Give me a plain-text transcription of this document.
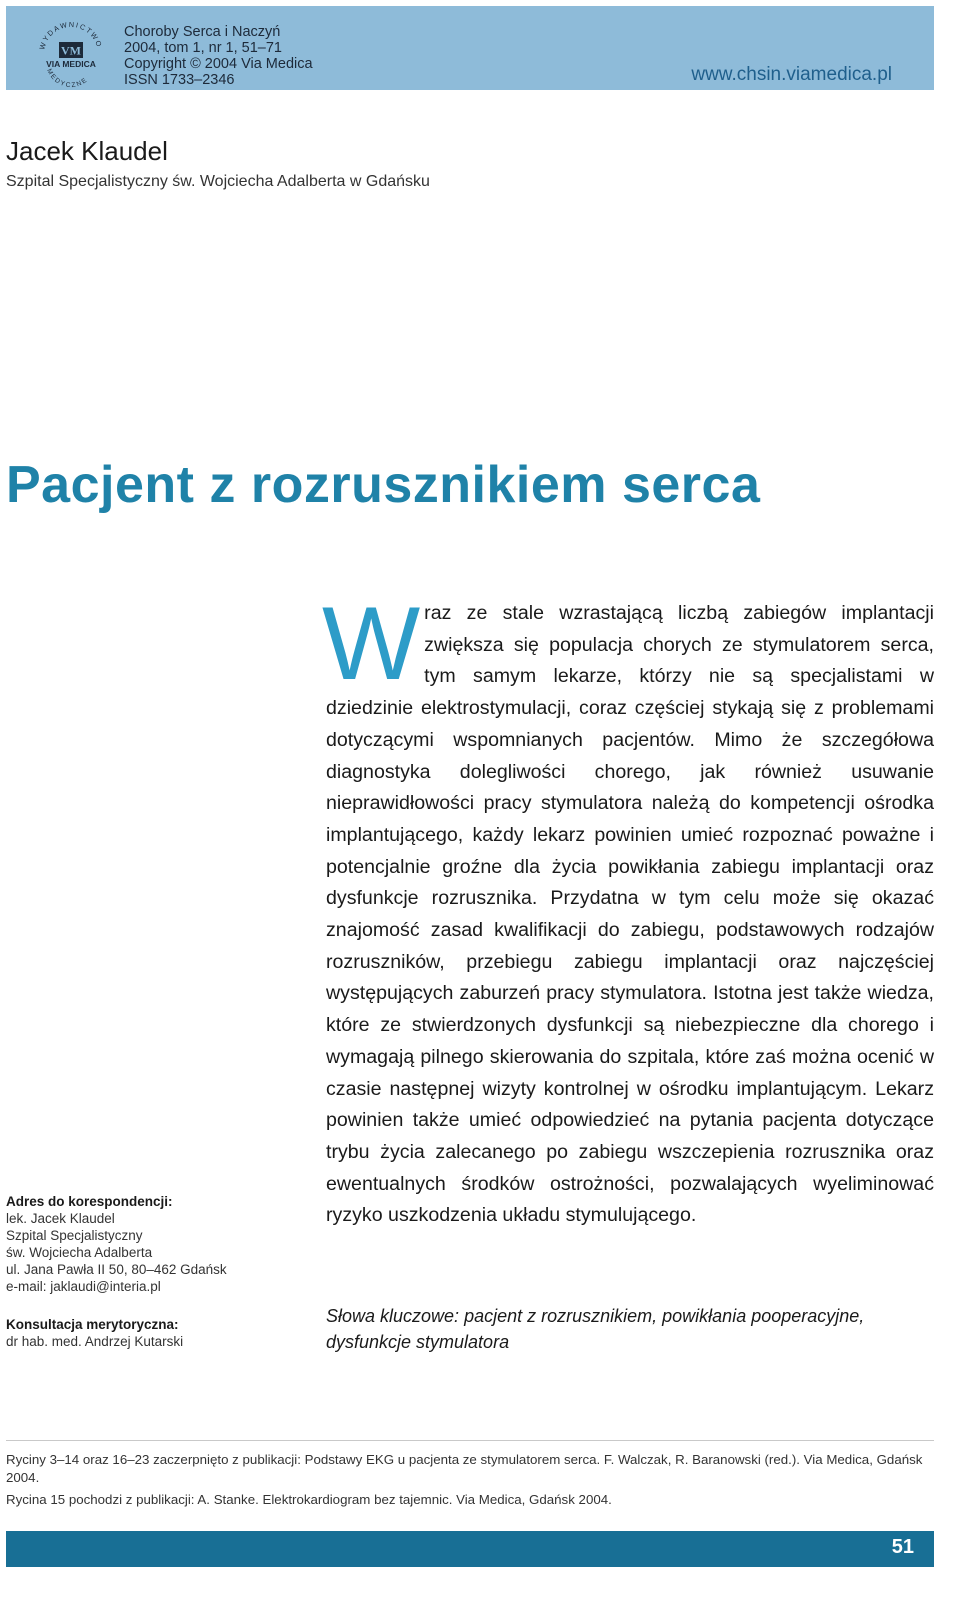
WYDAWNICTWO
MEDYCZNE
VM
VIA MEDICA
Choroby Serca i Naczyń
2004, tom 1, nr 1, 51–71
Copyright © 2004 Via Medica
ISSN 1733–2346	www.chsin.viamedica.pl
Jacek Klaudel
Szpital Specjalistyczny św. Wojciecha Adalberta w Gdańsku
Pacjent z rozrusznikiem serca
Adres do korespondencji:
lek. Jacek Klaudel
Szpital Specjalistyczny
św. Wojciecha Adalberta
ul. Jana Pawła II 50, 80–462 Gdańsk
e-mail: jaklaudi@interia.pl
Konsultacja merytoryczna:
dr hab. med. Andrzej Kutarski
Wraz ze stale wzrastającą liczbą zabiegów implantacji zwiększa się populacja chorych ze stymulatorem serca, tym samym lekarze, którzy nie są specjalistami w dziedzinie elektrostymulacji, coraz częściej stykają się z problemami dotyczącymi wspomnianych pacjentów. Mimo że szczegółowa diagnostyka dolegliwości chorego, jak również usuwanie nieprawidłowości pracy stymulatora należą do kompetencji ośrodka implantującego, każdy lekarz powinien umieć rozpoznać poważne i potencjalnie groźne dla życia powikłania zabiegu implantacji oraz dysfunkcje rozrusznika. Przydatna w tym celu może się okazać znajomość zasad kwalifikacji do zabiegu, podstawowych rodzajów rozruszników, przebiegu zabiegu implantacji oraz najczęściej występujących zaburzeń pracy stymulatora. Istotna jest także wiedza, które ze stwierdzonych dysfunkcji są niebezpieczne dla chorego i wymagają pilnego skierowania do szpitala, które zaś można ocenić w czasie następnej wizyty kontrolnej w ośrodku implantującym. Lekarz powinien także umieć odpowiedzieć na pytania pacjenta dotyczące trybu życia zalecanego po zabiegu wszczepienia rozrusznika oraz ewentualnych środków ostrożności, pozwalających wyeliminować ryzyko uszkodzenia układu stymulującego.
Słowa kluczowe: pacjent z rozrusznikiem, powikłania pooperacyjne, dysfunkcje stymulatora

Ryciny 3–14 oraz 16–23 zaczerpnięto z publikacji: Podstawy EKG u pacjenta ze stymulatorem serca. F. Walczak, R. Baranowski (red.). Via Medica, Gdańsk 2004.

Rycina 15 pochodzi z publikacji: A. Stanke. Elektrokardiogram bez tajemnic. Via Medica, Gdańsk 2004.

51
